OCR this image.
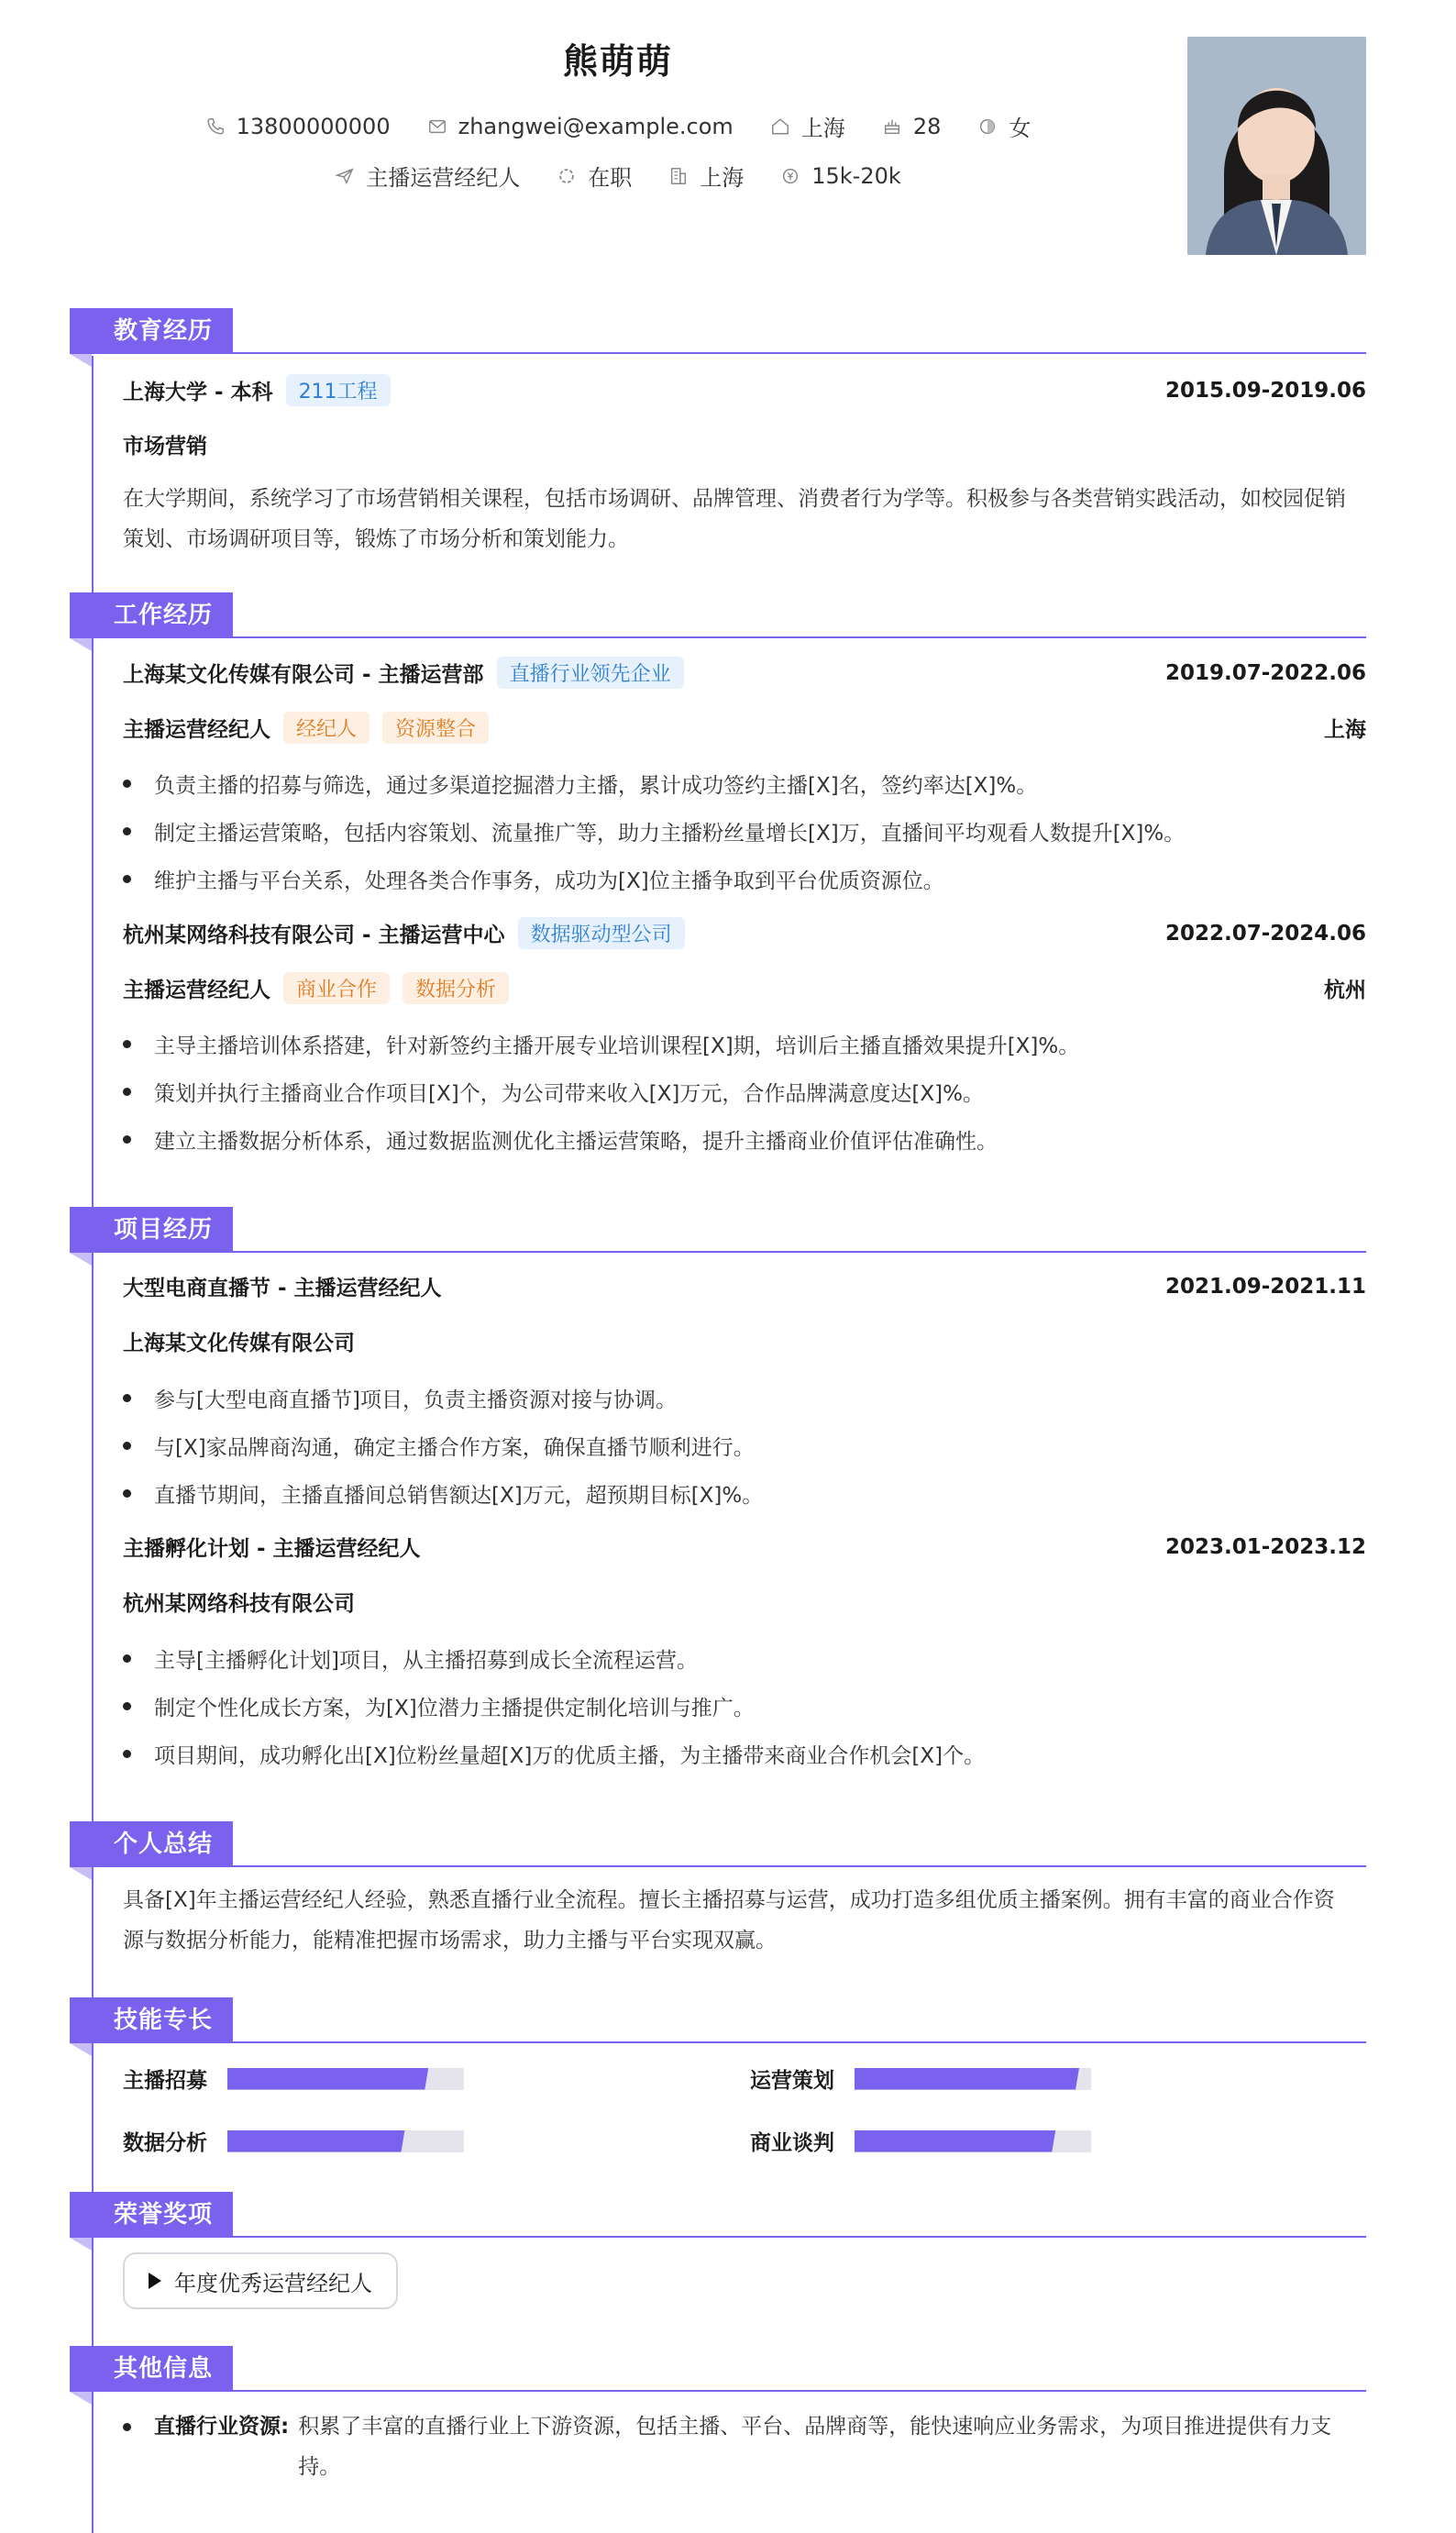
熊萌萌
13800000000	zhangwei@example.com	上海	28	女
主播运营经纪人	在职	上海	15k-20k
教育经历
上海大学 - 本科	211工程	2015.09-2019.06
市场营销
在大学期间，系统学习了市场营销相关课程，包括市场调研、品牌管理、消费者行为学等。积极参与各类营销实践活动，如校园促销策划、市场调研项目等，锻炼了市场分析和策划能力。
工作经历
上海某文化传媒有限公司 - 主播运营部	直播行业领先企业	2019.07-2022.06
主播运营经纪人	经纪人	资源整合	上海
负责主播的招募与筛选，通过多渠道挖掘潜力主播，累计成功签约主播[X]名，签约率达[X]%。
制定主播运营策略，包括内容策划、流量推广等，助力主播粉丝量增长[X]万，直播间平均观看人数提升[X]%。
维护主播与平台关系，处理各类合作事务，成功为[X]位主播争取到平台优质资源位。
杭州某网络科技有限公司 - 主播运营中心	数据驱动型公司	2022.07-2024.06
主播运营经纪人	商业合作	数据分析	杭州
主导主播培训体系搭建，针对新签约主播开展专业培训课程[X]期，培训后主播直播效果提升[X]%。
策划并执行主播商业合作项目[X]个，为公司带来收入[X]万元，合作品牌满意度达[X]%。
建立主播数据分析体系，通过数据监测优化主播运营策略，提升主播商业价值评估准确性。
项目经历
大型电商直播节 - 主播运营经纪人	2021.09-2021.11
上海某文化传媒有限公司
参与[大型电商直播节]项目，负责主播资源对接与协调。
与[X]家品牌商沟通，确定主播合作方案，确保直播节顺利进行。
直播节期间，主播直播间总销售额达[X]万元，超预期目标[X]%。
主播孵化计划 - 主播运营经纪人	2023.01-2023.12
杭州某网络科技有限公司
主导[主播孵化计划]项目，从主播招募到成长全流程运营。
制定个性化成长方案，为[X]位潜力主播提供定制化培训与推广。
项目期间，成功孵化出[X]位粉丝量超[X]万的优质主播，为主播带来商业合作机会[X]个。
个人总结
具备[X]年主播运营经纪人经验，熟悉直播行业全流程。擅长主播招募与运营，成功打造多组优质主播案例。拥有丰富的商业合作资源与数据分析能力，能精准把握市场需求，助力主播与平台实现双赢。
技能专长
主播招募	运营策划
数据分析	商业谈判
荣誉奖项
年度优秀运营经纪人
其他信息
直播行业资源: 积累了丰富的直播行业上下游资源，包括主播、平台、品牌商等，能快速响应业务需求，为项目推进提供有力支持。
